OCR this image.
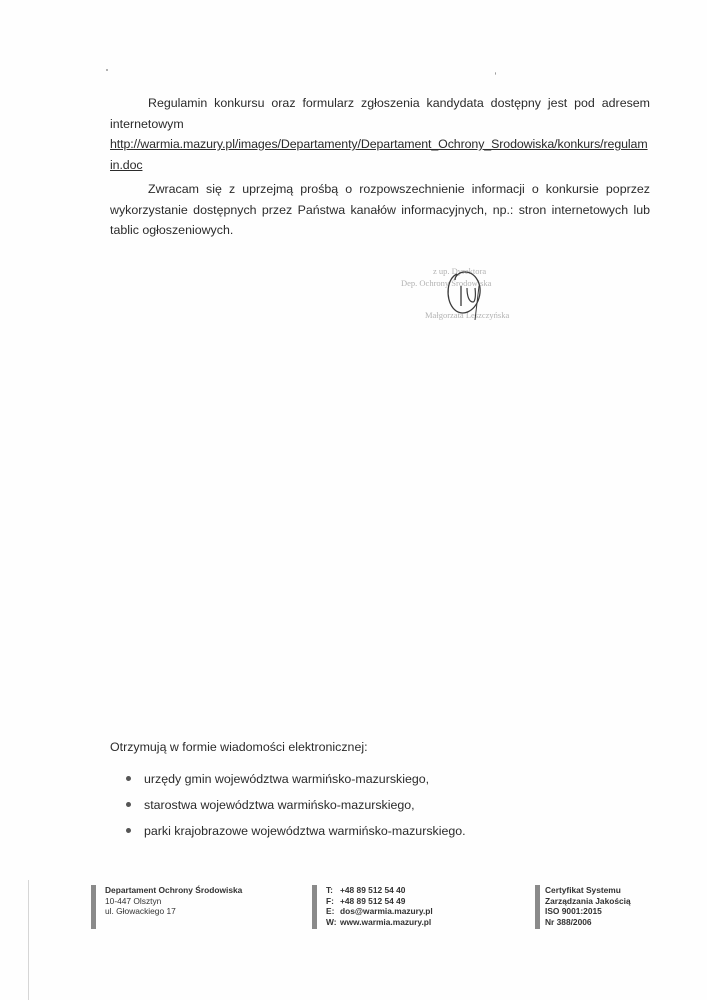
Regulamin konkursu oraz formularz zgłoszenia kandydata dostępny jest pod adresem internetowym

http://warmia.mazury.pl/images/Departamenty/Departament_Ochrony_Srodowiska/konkurs/regulamin.doc

Zwracam się z uprzejmą prośbą o rozpowszechnienie informacji o konkursie poprzez wykorzystanie dostępnych przez Państwa kanałów informacyjnych, np.: stron internetowych lub tablic ogłoszeniowych.

z up. Dyrektora
Dep. Ochrony Środowiska
Małgorzata Leszczyńska

Otrzymują w formie wiadomości elektronicznej:

urzędy gmin województwa warmińsko-mazurskiego,
starostwa województwa warmińsko-mazurskiego,
parki krajobrazowe województwa warmińsko-mazurskiego.
Departament Ochrony Środowiska
10-447 Olsztyn
ul. Głowackiego 17
T: +48 89 512 54 40
F: +48 89 512 54 49
E: dos@warmia.mazury.pl
W: www.warmia.mazury.pl
Certyfikat Systemu
Zarządzania Jakością
ISO 9001:2015
Nr 388/2006
